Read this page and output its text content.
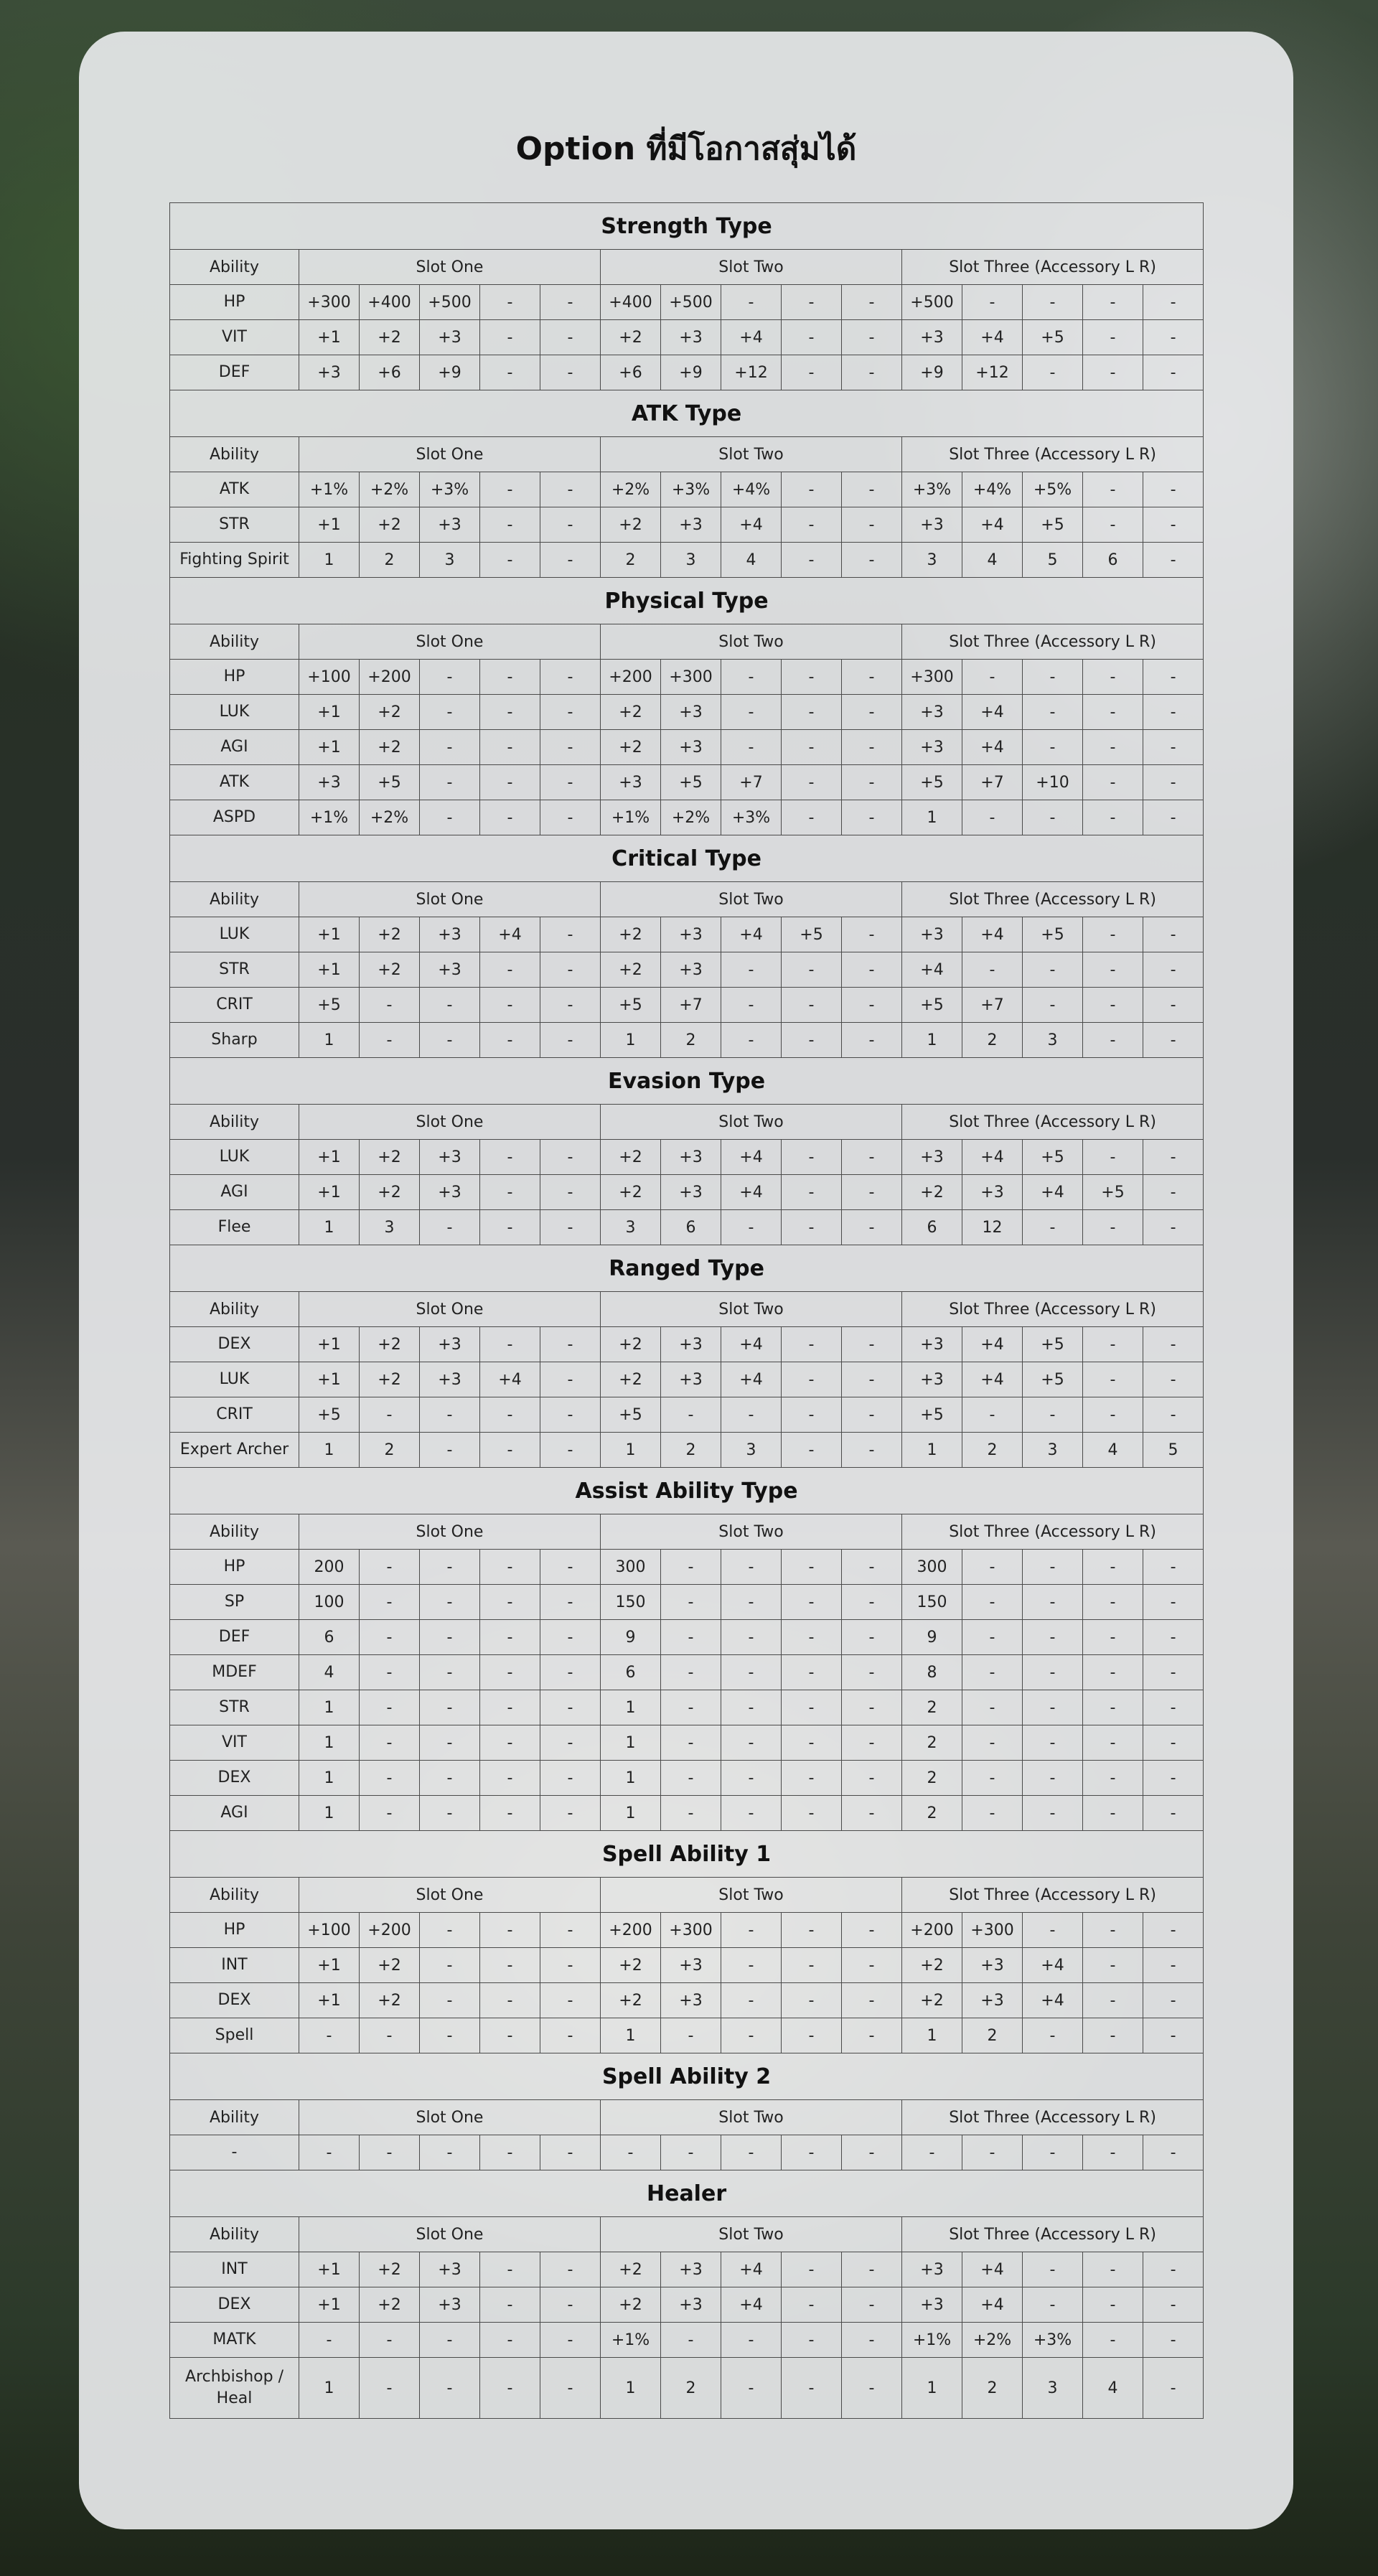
Option ที่มีโอกาสสุ่มได้
Strength Type															
Ability	Slot One					Slot Two					Slot Three (Accessory L R)				
HP	+300	+400	+500	-	-	+400	+500	-	-	-	+500	-	-	-	-
VIT	+1	+2	+3	-	-	+2	+3	+4	-	-	+3	+4	+5	-	-
DEF	+3	+6	+9	-	-	+6	+9	+12	-	-	+9	+12	-	-	-
ATK Type															
Ability	Slot One					Slot Two					Slot Three (Accessory L R)				
ATK	+1%	+2%	+3%	-	-	+2%	+3%	+4%	-	-	+3%	+4%	+5%	-	-
STR	+1	+2	+3	-	-	+2	+3	+4	-	-	+3	+4	+5	-	-
Fighting Spirit	1	2	3	-	-	2	3	4	-	-	3	4	5	6	-
Physical Type															
Ability	Slot One					Slot Two					Slot Three (Accessory L R)				
HP	+100	+200	-	-	-	+200	+300	-	-	-	+300	-	-	-	-
LUK	+1	+2	-	-	-	+2	+3	-	-	-	+3	+4	-	-	-
AGI	+1	+2	-	-	-	+2	+3	-	-	-	+3	+4	-	-	-
ATK	+3	+5	-	-	-	+3	+5	+7	-	-	+5	+7	+10	-	-
ASPD	+1%	+2%	-	-	-	+1%	+2%	+3%	-	-	1	-	-	-	-
Critical Type															
Ability	Slot One					Slot Two					Slot Three (Accessory L R)				
LUK	+1	+2	+3	+4	-	+2	+3	+4	+5	-	+3	+4	+5	-	-
STR	+1	+2	+3	-	-	+2	+3	-	-	-	+4	-	-	-	-
CRIT	+5	-	-	-	-	+5	+7	-	-	-	+5	+7	-	-	-
Sharp	1	-	-	-	-	1	2	-	-	-	1	2	3	-	-
Evasion Type															
Ability	Slot One					Slot Two					Slot Three (Accessory L R)				
LUK	+1	+2	+3	-	-	+2	+3	+4	-	-	+3	+4	+5	-	-
AGI	+1	+2	+3	-	-	+2	+3	+4	-	-	+2	+3	+4	+5	-
Flee	1	3	-	-	-	3	6	-	-	-	6	12	-	-	-
Ranged Type															
Ability	Slot One					Slot Two					Slot Three (Accessory L R)				
DEX	+1	+2	+3	-	-	+2	+3	+4	-	-	+3	+4	+5	-	-
LUK	+1	+2	+3	+4	-	+2	+3	+4	-	-	+3	+4	+5	-	-
CRIT	+5	-	-	-	-	+5	-	-	-	-	+5	-	-	-	-
Expert Archer	1	2	-	-	-	1	2	3	-	-	1	2	3	4	5
Assist Ability Type															
Ability	Slot One					Slot Two					Slot Three (Accessory L R)				
HP	200	-	-	-	-	300	-	-	-	-	300	-	-	-	-
SP	100	-	-	-	-	150	-	-	-	-	150	-	-	-	-
DEF	6	-	-	-	-	9	-	-	-	-	9	-	-	-	-
MDEF	4	-	-	-	-	6	-	-	-	-	8	-	-	-	-
STR	1	-	-	-	-	1	-	-	-	-	2	-	-	-	-
VIT	1	-	-	-	-	1	-	-	-	-	2	-	-	-	-
DEX	1	-	-	-	-	1	-	-	-	-	2	-	-	-	-
AGI	1	-	-	-	-	1	-	-	-	-	2	-	-	-	-
Spell Ability 1															
Ability	Slot One					Slot Two					Slot Three (Accessory L R)				
HP	+100	+200	-	-	-	+200	+300	-	-	-	+200	+300	-	-	-
INT	+1	+2	-	-	-	+2	+3	-	-	-	+2	+3	+4	-	-
DEX	+1	+2	-	-	-	+2	+3	-	-	-	+2	+3	+4	-	-
Spell	-	-	-	-	-	1	-	-	-	-	1	2	-	-	-
Spell Ability 2															
Ability	Slot One					Slot Two					Slot Three (Accessory L R)				
-	-	-	-	-	-	-	-	-	-	-	-	-	-	-	-
Healer															
Ability	Slot One					Slot Two					Slot Three (Accessory L R)				
INT	+1	+2	+3	-	-	+2	+3	+4	-	-	+3	+4	-	-	-
DEX	+1	+2	+3	-	-	+2	+3	+4	-	-	+3	+4	-	-	-
MATK	-	-	-	-	-	+1%	-	-	-	-	+1%	+2%	+3%	-	-
Archbishop / Heal	1	-	-	-	-	1	2	-	-	-	1	2	3	4	-
